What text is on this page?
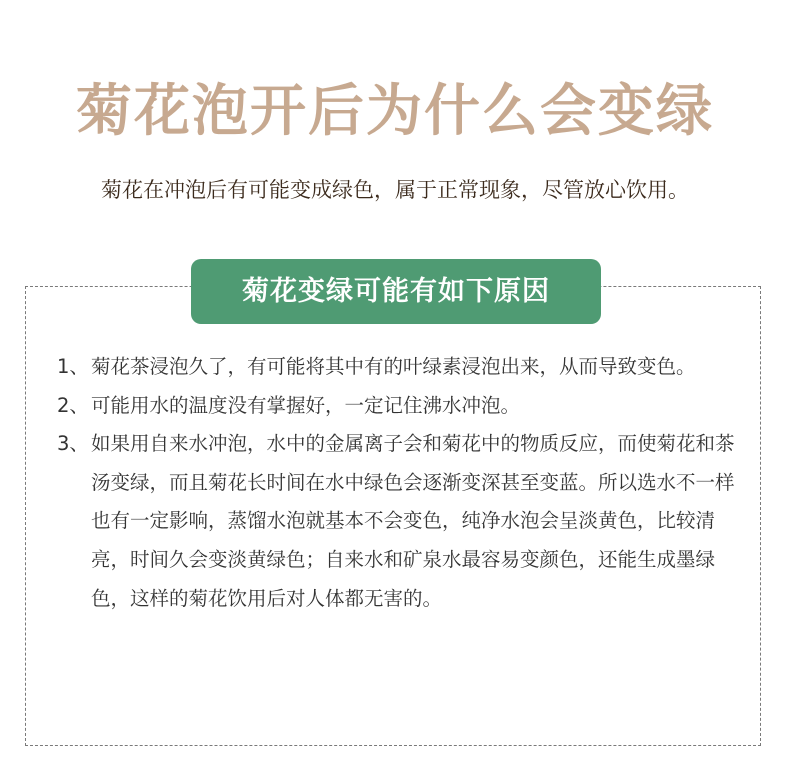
菊花泡开后为什么会变绿

菊花在冲泡后有可能变成绿色，属于正常现象，尽管放心饮用。

菊花变绿可能有如下原因
1、 菊花茶浸泡久了，有可能将其中有的叶绿素浸泡出来，从而导致变色。
2、 可能用水的温度没有掌握好，一定记住沸水冲泡。
3、 如果用自来水冲泡，水中的金属离子会和菊花中的物质反应，而使菊花和茶汤变绿，而且菊花长时间在水中绿色会逐渐变深甚至变蓝。所以选水不一样也有一定影响，蒸馏水泡就基本不会变色，纯净水泡会呈淡黄色，比较清亮，时间久会变淡黄绿色；自来水和矿泉水最容易变颜色，还能生成墨绿色，这样的菊花饮用后对人体都无害的。
